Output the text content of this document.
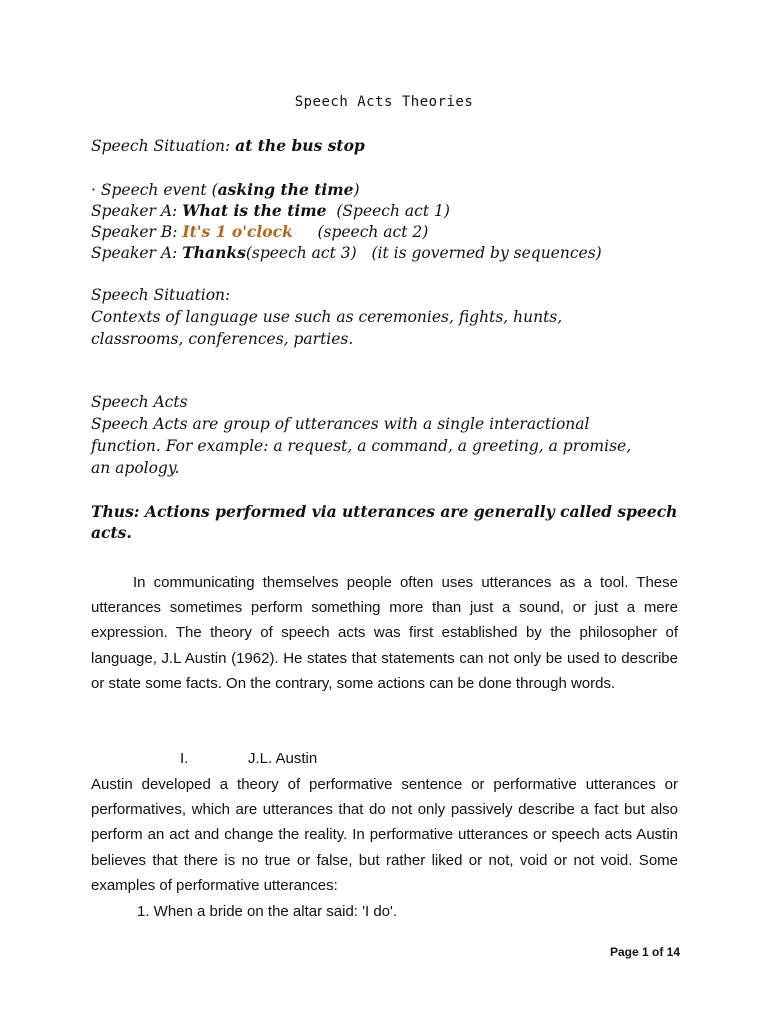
Speech Acts Theories
Speech Situation: at the bus stop
· Speech event (asking the time)
Speaker A: What is the time (Speech act 1)
Speaker B: It's 1 o'clock (speech act 2)
Speaker A: Thanks(speech act 3) (it is governed by sequences)
Speech Situation:
Contexts of language use such as ceremonies, fights, hunts,
classrooms, conferences, parties.
Speech Acts
Speech Acts are group of utterances with a single interactional
function. For example: a request, a command, a greeting, a promise,
an apology.
Thus: Actions performed via utterances are generally called speech
acts.
In communicating themselves people often uses utterances as a tool. These utterances sometimes perform something more than just a sound, or just a mere expression. The theory of speech acts was first established by the philosopher of language, J.L Austin (1962). He states that statements can not only be used to describe or state some facts. On the contrary, some actions can be done through words.
I.	J.L. Austin
Austin developed a theory of performative sentence or performative utterances or performatives, which are utterances that do not only passively describe a fact but also perform an act and change the reality. In performative utterances or speech acts Austin believes that there is no true or false, but rather liked or not, void or not void. Some examples of performative utterances:
1. When a bride on the altar said: 'I do'.
Page 1 of 14
